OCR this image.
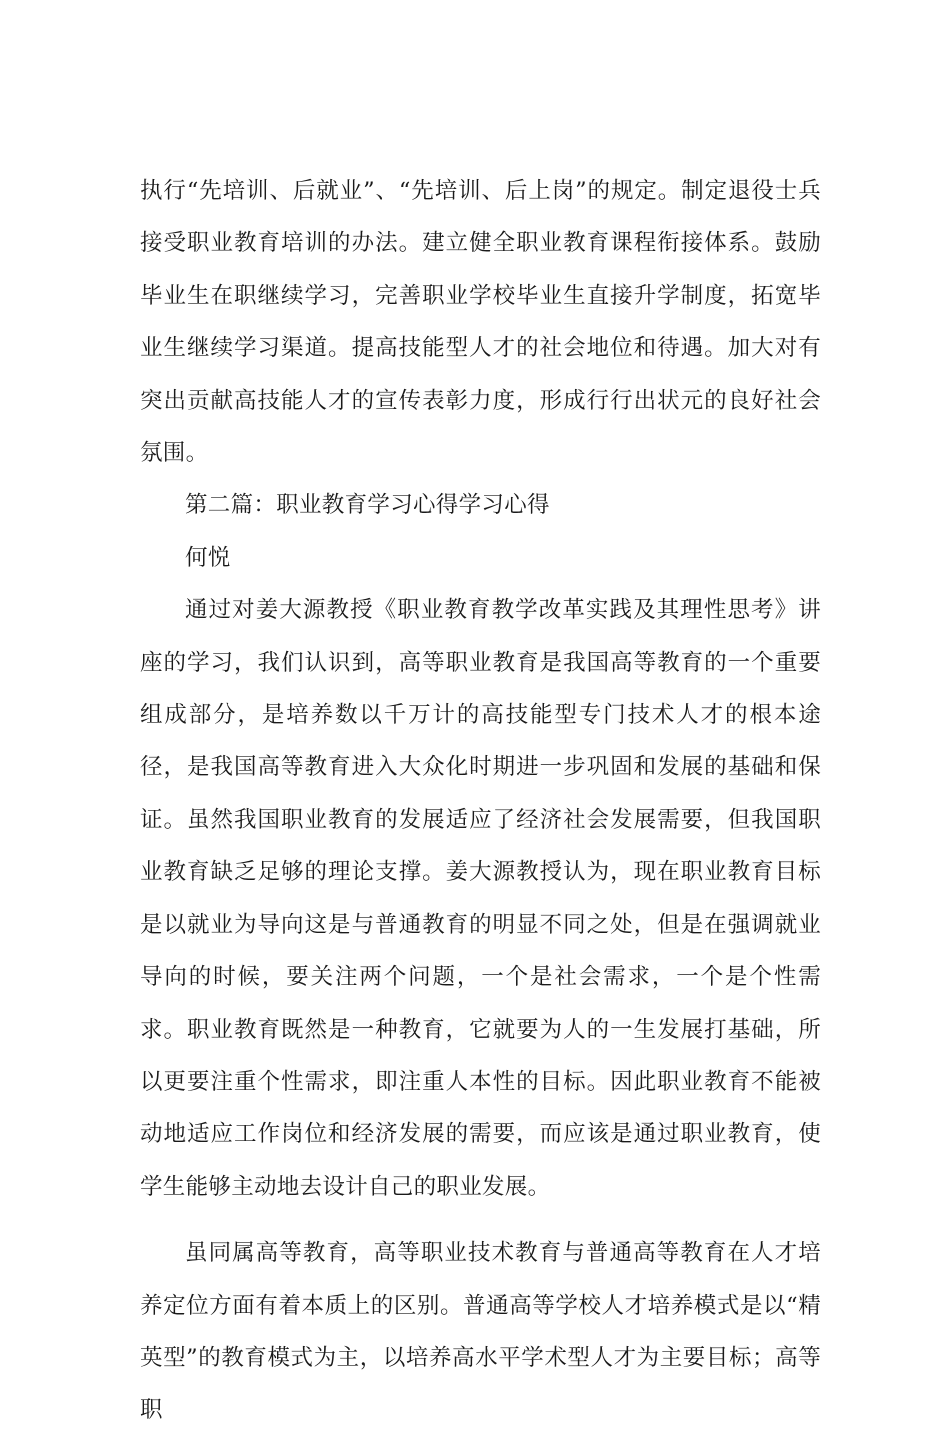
执行“先培训、后就业”、“先培训、后上岗”的规定。制定退役士兵接受职业教育培训的办法。建立健全职业教育课程衔接体系。鼓励毕业生在职继续学习，完善职业学校毕业生直接升学制度，拓宽毕业生继续学习渠道。提高技能型人才的社会地位和待遇。加大对有突出贡献高技能人才的宣传表彰力度，形成行行出状元的良好社会氛围。

第二篇：职业教育学习心得学习心得

何悦

通过对姜大源教授《职业教育教学改革实践及其理性思考》讲座的学习，我们认识到，高等职业教育是我国高等教育的一个重要组成部分，是培养数以千万计的高技能型专门技术人才的根本途径，是我国高等教育进入大众化时期进一步巩固和发展的基础和保证。虽然我国职业教育的发展适应了经济社会发展需要，但我国职业教育缺乏足够的理论支撑。姜大源教授认为，现在职业教育目标是以就业为导向这是与普通教育的明显不同之处，但是在强调就业导向的时候，要关注两个问题，一个是社会需求，一个是个性需求。职业教育既然是一种教育，它就要为人的一生发展打基础，所以更要注重个性需求，即注重人本性的目标。因此职业教育不能被动地适应工作岗位和经济发展的需要，而应该是通过职业教育，使学生能够主动地去设计自己的职业发展。

虽同属高等教育，高等职业技术教育与普通高等教育在人才培养定位方面有着本质上的区别。普通高等学校人才培养模式是以“精英型”的教育模式为主，以培养高水平学术型人才为主要目标；高等职
